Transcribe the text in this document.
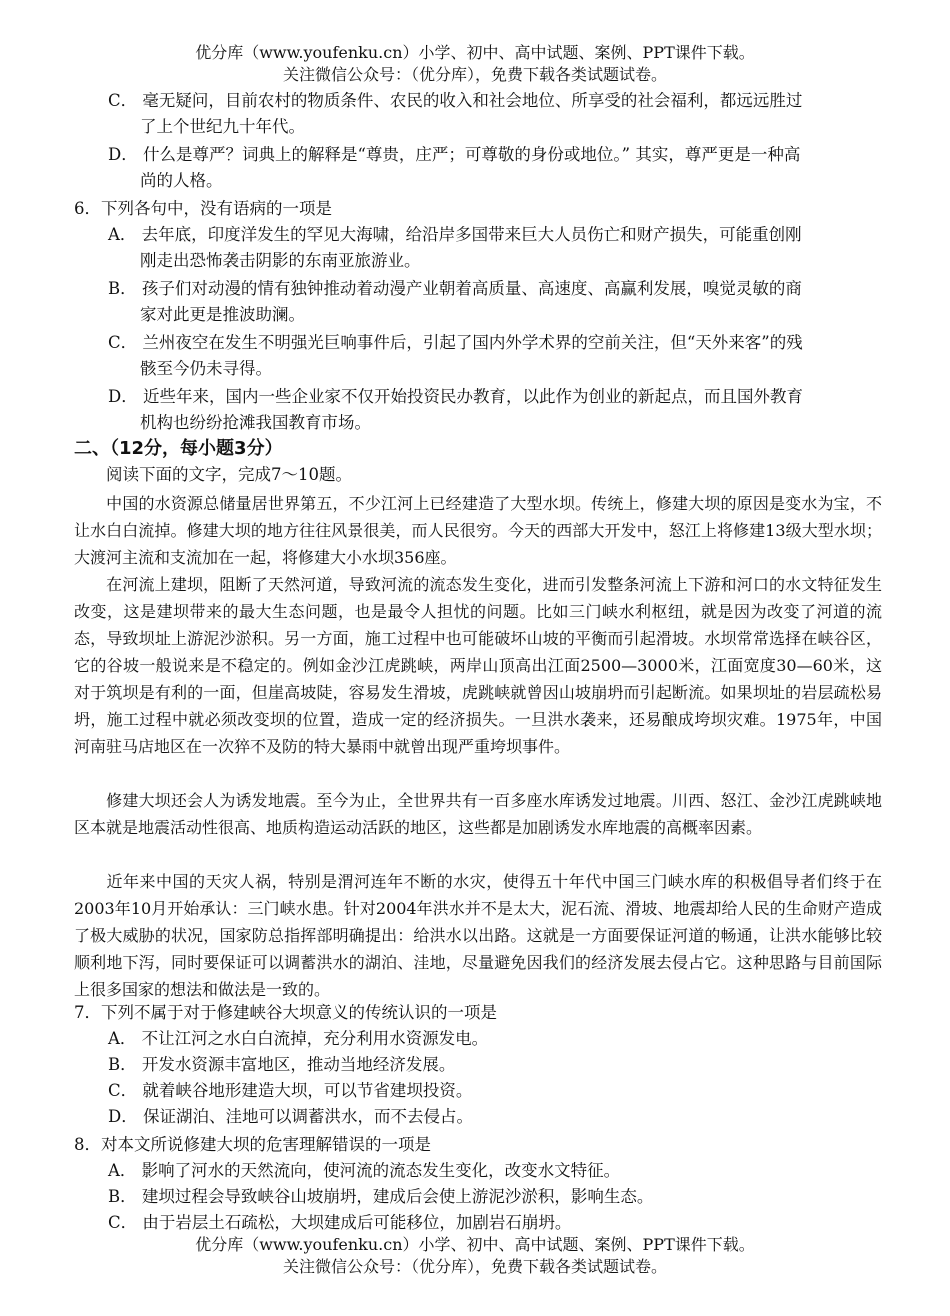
优分库（www.youfenku.cn）小学、初中、高中试题、案例、PPT课件下载。
关注微信公众号：（优分库），免费下载各类试题试卷。
C． 毫无疑问，目前农村的物质条件、农民的收入和社会地位、所享受的社会福利，都远远胜过
了上个世纪九十年代。
D． 什么是尊严？词典上的解释是“尊贵，庄严；可尊敬的身份或地位。” 其实，尊严更是一种高
尚的人格。
6．下列各句中，没有语病的一项是
A． 去年底，印度洋发生的罕见大海啸，给沿岸多国带来巨大人员伤亡和财产损失，可能重创刚
刚走出恐怖袭击阴影的东南亚旅游业。
B． 孩子们对动漫的情有独钟推动着动漫产业朝着高质量、高速度、高赢利发展，嗅觉灵敏的商
家对此更是推波助澜。
C． 兰州夜空在发生不明强光巨响事件后，引起了国内外学术界的空前关注，但“天外来客”的残
骸至今仍未寻得。
D． 近些年来，国内一些企业家不仅开始投资民办教育，以此作为创业的新起点，而且国外教育
机构也纷纷抢滩我国教育市场。
二、（12分，每小题3分）
阅读下面的文字，完成7～10题。

中国的水资源总储量居世界第五，不少江河上已经建造了大型水坝。传统上，修建大坝的原因是变水为宝，不让水白白流掉。修建大坝的地方往往风景很美，而人民很穷。今天的西部大开发中，怒江上将修建13级大型水坝；大渡河主流和支流加在一起，将修建大小水坝356座。

在河流上建坝，阻断了天然河道，导致河流的流态发生变化，进而引发整条河流上下游和河口的水文特征发生改变，这是建坝带来的最大生态问题，也是最令人担忧的问题。比如三门峡水利枢纽，就是因为改变了河道的流态，导致坝址上游泥沙淤积。另一方面，施工过程中也可能破坏山坡的平衡而引起滑坡。水坝常常选择在峡谷区，它的谷坡一般说来是不稳定的。例如金沙江虎跳峡，两岸山顶高出江面2500—3000米，江面宽度30—60米，这对于筑坝是有利的一面，但崖高坡陡，容易发生滑坡，虎跳峡就曾因山坡崩坍而引起断流。如果坝址的岩层疏松易坍，施工过程中就必须改变坝的位置，造成一定的经济损失。一旦洪水袭来，还易酿成垮坝灾难。1975年，中国河南驻马店地区在一次猝不及防的特大暴雨中就曾出现严重垮坝事件。

修建大坝还会人为诱发地震。至今为止，全世界共有一百多座水库诱发过地震。川西、怒江、金沙江虎跳峡地区本就是地震活动性很高、地质构造运动活跃的地区，这些都是加剧诱发水库地震的高概率因素。

近年来中国的天灾人祸，特别是渭河连年不断的水灾，使得五十年代中国三门峡水库的积极倡导者们终于在2003年10月开始承认：三门峡水患。针对2004年洪水并不是太大，泥石流、滑坡、地震却给人民的生命财产造成了极大威胁的状况，国家防总指挥部明确提出：给洪水以出路。这就是一方面要保证河道的畅通，让洪水能够比较顺利地下泻，同时要保证可以调蓄洪水的湖泊、洼地，尽量避免因我们的经济发展去侵占它。这种思路与目前国际上很多国家的想法和做法是一致的。

7．下列不属于对于修建峡谷大坝意义的传统认识的一项是
A． 不让江河之水白白流掉，充分利用水资源发电。
B． 开发水资源丰富地区，推动当地经济发展。
C． 就着峡谷地形建造大坝，可以节省建坝投资。
D． 保证湖泊、洼地可以调蓄洪水，而不去侵占。
8．对本文所说修建大坝的危害理解错误的一项是
A． 影响了河水的天然流向，使河流的流态发生变化，改变水文特征。
B． 建坝过程会导致峡谷山坡崩坍，建成后会使上游泥沙淤积，影响生态。
C． 由于岩层土石疏松，大坝建成后可能移位，加剧岩石崩坍。
优分库（www.youfenku.cn）小学、初中、高中试题、案例、PPT课件下载。
关注微信公众号：（优分库），免费下载各类试题试卷。
